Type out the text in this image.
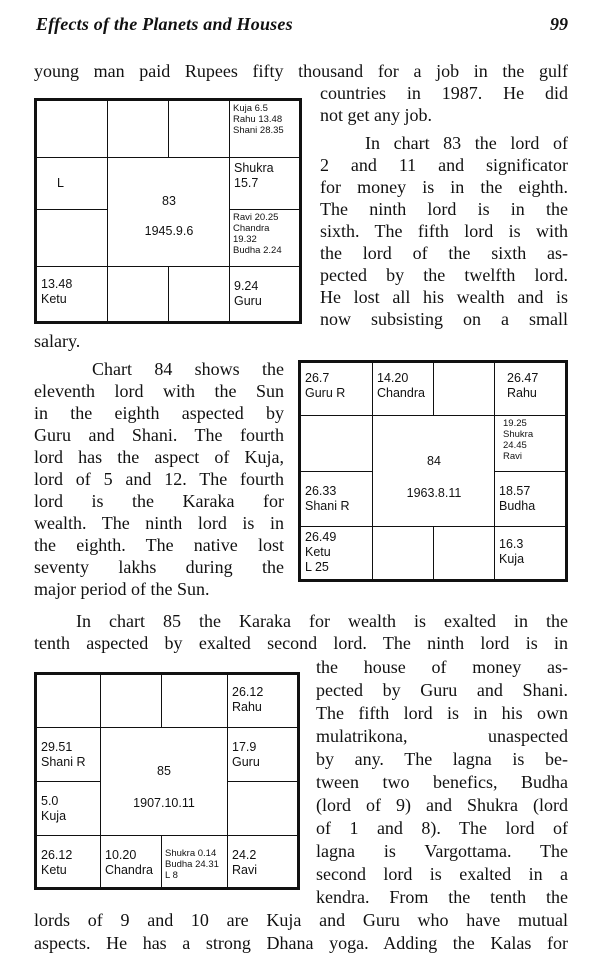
Effects of the Planets and Houses	99
young man paid Rupees fifty thousand for a job in the gulf
countries in 1987. He did
not get any job.
In chart 83 the lord of
2 and 11 and significator
for money is in the eighth.
The ninth lord is in the
sixth. The fifth lord is with
the lord of the sixth as-
pected by the twelfth lord.
He lost all his wealth and is
now subsisting on a small
salary.
Chart 84 shows the
eleventh lord with the Sun
in the eighth aspected by
Guru and Shani. The fourth
lord has the aspect of Kuja,
lord of 5 and 12. The fourth
lord is the Karaka for
wealth. The ninth lord is in
the eighth. The native lost
seventy lakhs during the
major period of the Sun.
In chart 85 the Karaka for wealth is exalted in the
tenth aspected by exalted second lord. The ninth lord is in
the house of money as-
pected by Guru and Shani.
The fifth lord is in his own
mulatrikona, unaspected
by any. The lagna is be-
tween two benefics, Budha
(lord of 9) and Shukra (lord
of 1 and 8). The lord of
lagna is Vargottama. The
second lord is exalted in a
kendra. From the tenth the
lords of 9 and 10 are Kuja and Guru who have mutual
aspects. He has a strong Dhana yoga. Adding the Kalas for
Kuja 6.5
Rahu 13.48
Shani 28.35
L
Shukra
15.7
Ravi 20.25
Chandra
19.32
Budha 2.24
13.48
Ketu
9.24
Guru
83
1945.9.6
26.7
Guru R
14.20
Chandra
26.47
Rahu
19.25
Shukra
24.45
Ravi
26.33
Shani R
18.57
Budha
26.49
Ketu
L 25
16.3
Kuja
84
1963.8.11
26.12
Rahu
29.51
Shani R
17.9
Guru
5.0
Kuja
26.12
Ketu
10.20
Chandra
Shukra 0.14
Budha 24.31
L 8
24.2
Ravi
85
1907.10.11
